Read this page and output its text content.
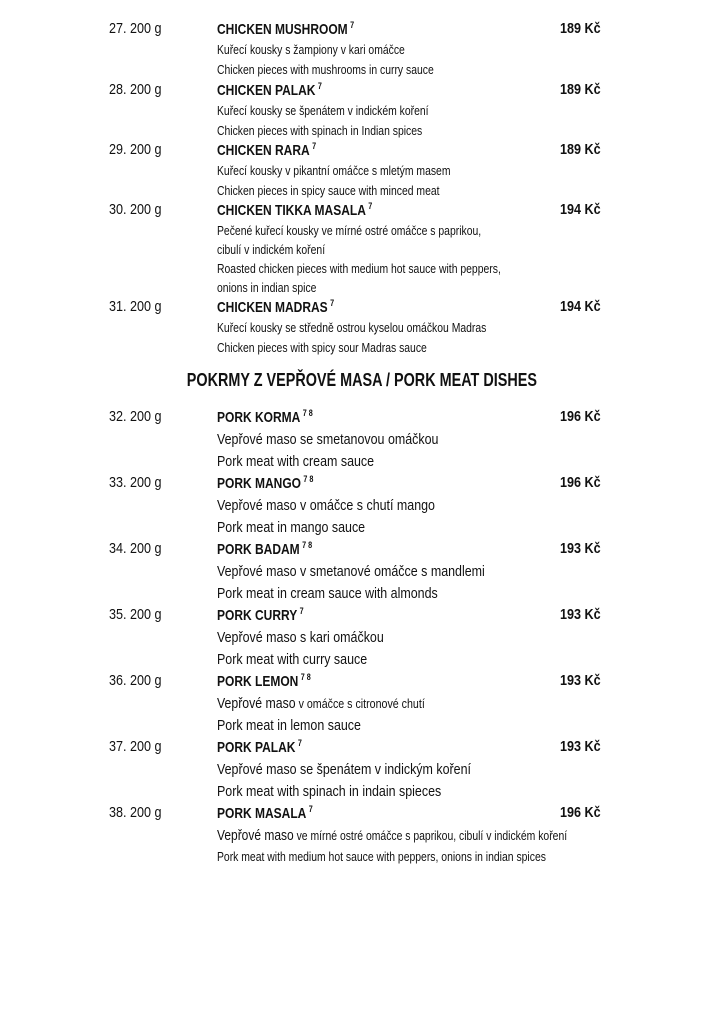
27. 200 g	CHICKEN MUSHROOM $^7$	189 Kč
Kuřecí kousky s žampiony v kari omáčce
Chicken pieces with mushrooms in curry sauce
28. 200 g	CHICKEN PALAK $^7$	189 Kč
Kuřecí kousky se špenátem v indickém koření
Chicken pieces with spinach in Indian spices
29. 200 g	CHICKEN RARA $^7$	189 Kč
Kuřecí kousky v pikantní omáčce s mletým masem
Chicken pieces in spicy sauce with minced meat
30. 200 g	CHICKEN TIKKA MASALA $^7$	194 Kč
Pečené kuřecí kousky ve mírné ostré omáčce s paprikou,
cibulí v indickém koření
Roasted chicken pieces with medium hot sauce with peppers,
onions in indian spice
31. 200 g	CHICKEN MADRAS $^7$	194 Kč
Kuřecí kousky se středně ostrou kyselou omáčkou Madras
Chicken pieces with spicy sour Madras sauce
POKRMY Z VEPŘOVÉ MASA / PORK MEAT DISHES
32. 200 g	PORK KORMA $^{7 8}$	196 Kč
Vepřové maso se smetanovou omáčkou
Pork meat with cream sauce
33. 200 g	PORK MANGO $^{7 8}$	196 Kč
Vepřové maso v omáčce s chutí mango
Pork meat in mango sauce
34. 200 g	PORK BADAM $^{7 8}$	193 Kč
Vepřové maso v smetanové omáčce s mandlemi
Pork meat in cream sauce with almonds
35. 200 g	PORK CURRY $^7$	193 Kč
Vepřové maso s kari omáčkou
Pork meat with curry sauce
36. 200 g	PORK LEMON $^{7 8}$	193 Kč
Vepřové maso v omáčce s citronové chutí
Pork meat in lemon sauce
37. 200 g	PORK PALAK $^7$	193 Kč
Vepřové maso se špenátem v indickým koření
Pork meat with spinach in indain spieces
38. 200 g	PORK MASALA $^7$	196 Kč
Vepřové maso ve mírné ostré omáčce s paprikou, cibulí v indickém koření
Pork meat with medium hot sauce with peppers, onions in indian spices
